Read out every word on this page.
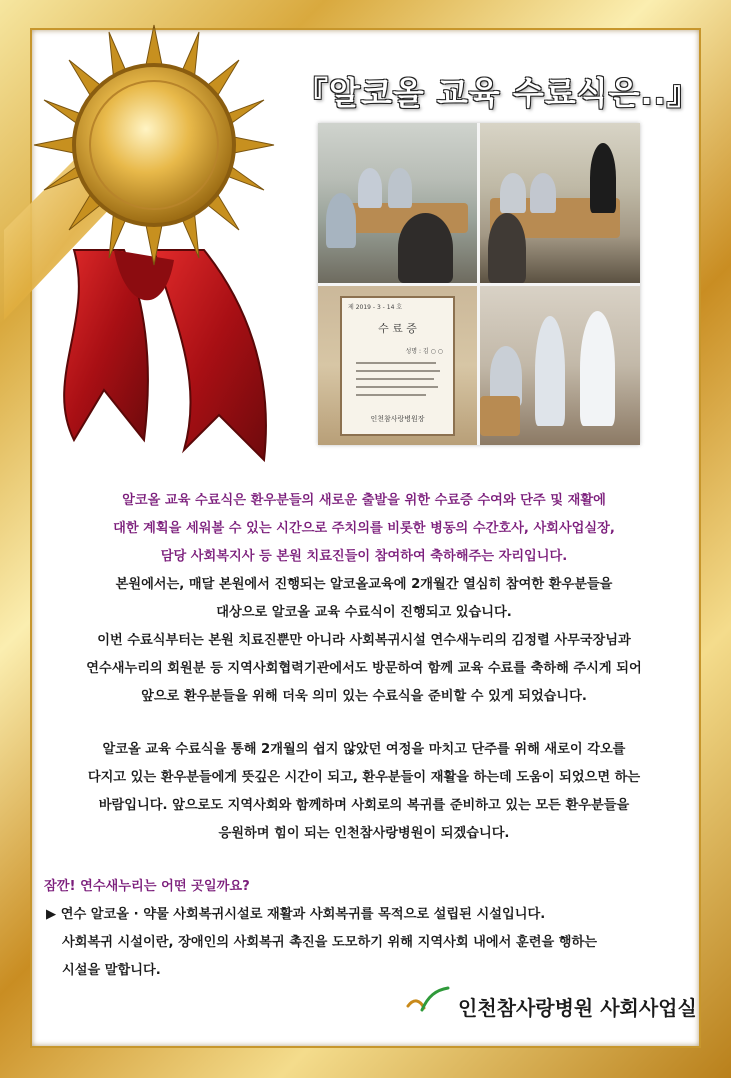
『알코올 교육 수료식은..』
제 2019 - 3 - 14 호
수 료 증
성명 : 김 ○ ○
인천참사랑병원장
알코올 교육 수료식은 환우분들의 새로운 출발을 위한 수료증 수여와 단주 및 재활에
대한 계획을 세워볼 수 있는 시간으로 주치의를 비롯한 병동의 수간호사, 사회사업실장,
담당 사회복지사 등 본원 치료진들이 참여하여 축하해주는 자리입니다.
본원에서는, 매달 본원에서 진행되는 알코올교육에 2개월간 열심히 참여한 환우분들을
대상으로 알코올 교육 수료식이 진행되고 있습니다.
이번 수료식부터는 본원 치료진뿐만 아니라 사회복귀시설 연수새누리의 김정렬 사무국장님과
연수새누리의 회원분 등 지역사회협력기관에서도 방문하여 함께 교육 수료를 축하해 주시게 되어
앞으로 환우분들을 위해 더욱 의미 있는 수료식을 준비할 수 있게 되었습니다.
알코올 교육 수료식을 통해 2개월의 쉽지 않았던 여정을 마치고 단주를 위해 새로이 각오를
다지고 있는 환우분들에게 뜻깊은 시간이 되고, 환우분들이 재활을 하는데 도움이 되었으면 하는
바람입니다. 앞으로도 지역사회와 함께하며 사회로의 복귀를 준비하고 있는 모든 환우분들을
응원하며 힘이 되는 인천참사랑병원이 되겠습니다.
잠깐! 연수새누리는 어떤 곳일까요?
▶ 연수 알코올 · 약물 사회복귀시설로 재활과 사회복귀를 목적으로 설립된 시설입니다.
사회복귀 시설이란, 장애인의 사회복귀 촉진을 도모하기 위해 지역사회 내에서 훈련을 행하는
시설을 말합니다.
인천참사랑병원 사회사업실
